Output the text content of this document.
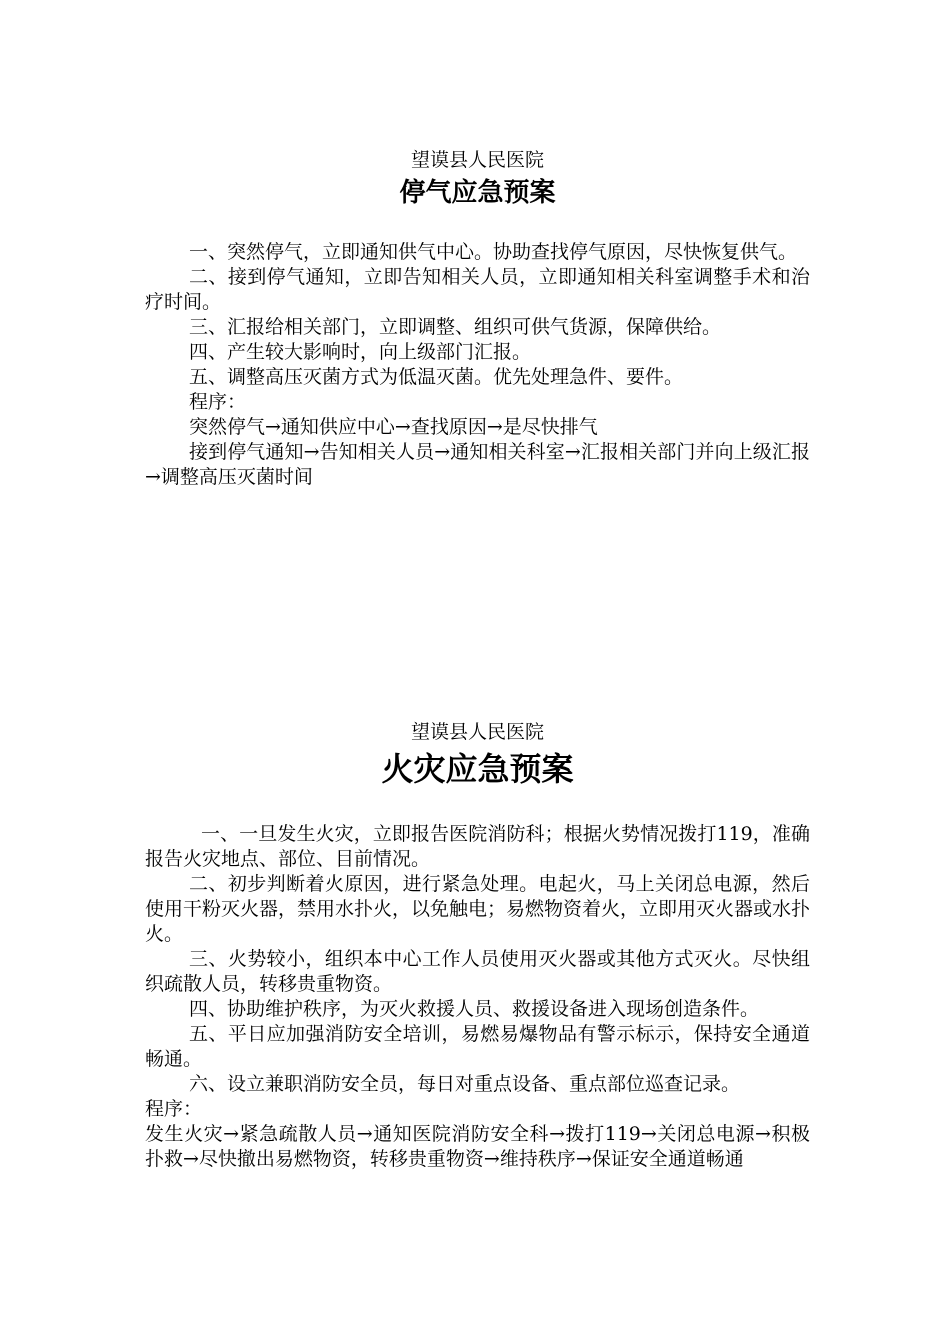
望谟县人民医院
停气应急预案

一、突然停气，立即通知供气中心。协助查找停气原因，尽快恢复供气。

二、接到停气通知，立即告知相关人员，立即通知相关科室调整手术和治疗时间。

三、汇报给相关部门，立即调整、组织可供气货源，保障供给。

四、产生较大影响时，向上级部门汇报。

五、调整高压灭菌方式为低温灭菌。优先处理急件、要件。

程序：

突然停气→通知供应中心→查找原因→是尽快排气

接到停气通知→告知相关人员→通知相关科室→汇报相关部门并向上级汇报→调整高压灭菌时间

望谟县人民医院
火灾应急预案

一、一旦发生火灾，立即报告医院消防科；根据火势情况拨打119，准确报告火灾地点、部位、目前情况。

二、初步判断着火原因，进行紧急处理。电起火，马上关闭总电源，然后使用干粉灭火器，禁用水扑火，以免触电；易燃物资着火，立即用灭火器或水扑火。

三、火势较小，组织本中心工作人员使用灭火器或其他方式灭火。尽快组织疏散人员，转移贵重物资。

四、协助维护秩序，为灭火救援人员、救援设备进入现场创造条件。

五、平日应加强消防安全培训，易燃易爆物品有警示标示，保持安全通道畅通。

六、设立兼职消防安全员，每日对重点设备、重点部位巡查记录。

程序：

发生火灾→紧急疏散人员→通知医院消防安全科→拨打119→关闭总电源→积极扑救→尽快撤出易燃物资，转移贵重物资→维持秩序→保证安全通道畅通
